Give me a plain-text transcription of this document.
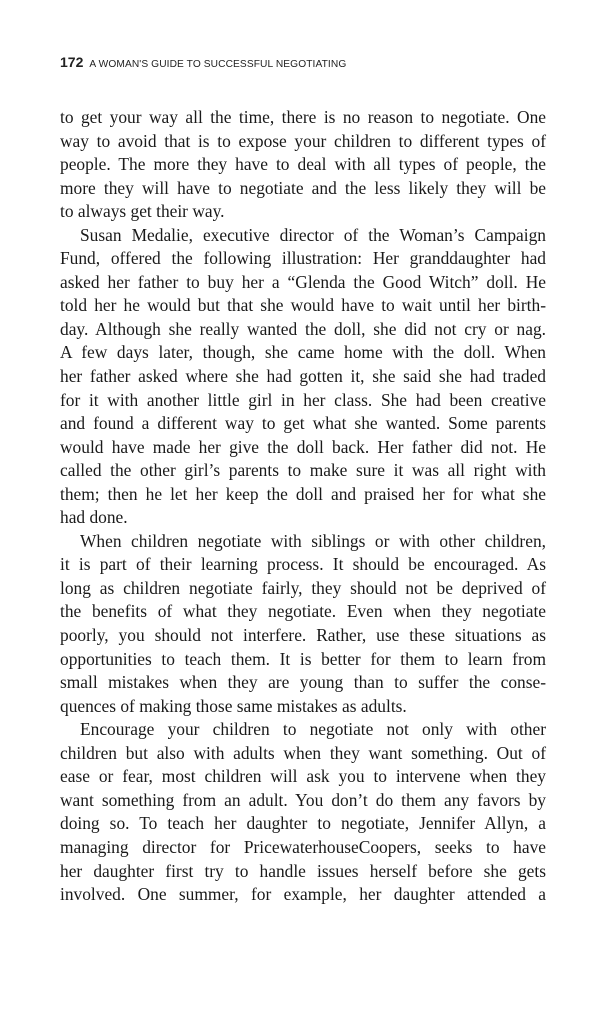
172 A WOMAN'S GUIDE TO SUCCESSFUL NEGOTIATING
to get your way all the time, there is no reason to negotiate. One
way to avoid that is to expose your children to different types of
people. The more they have to deal with all types of people, the
more they will have to negotiate and the less likely they will be
to always get their way.
Susan Medalie, executive director of the Woman’s Campaign
Fund, offered the following illustration: Her granddaughter had
asked her father to buy her a “Glenda the Good Witch” doll. He
told her he would but that she would have to wait until her birth-
day. Although she really wanted the doll, she did not cry or nag.
A few days later, though, she came home with the doll. When
her father asked where she had gotten it, she said she had traded
for it with another little girl in her class. She had been creative
and found a different way to get what she wanted. Some parents
would have made her give the doll back. Her father did not. He
called the other girl’s parents to make sure it was all right with
them; then he let her keep the doll and praised her for what she
had done.
When children negotiate with siblings or with other children,
it is part of their learning process. It should be encouraged. As
long as children negotiate fairly, they should not be deprived of
the benefits of what they negotiate. Even when they negotiate
poorly, you should not interfere. Rather, use these situations as
opportunities to teach them. It is better for them to learn from
small mistakes when they are young than to suffer the conse-
quences of making those same mistakes as adults.
Encourage your children to negotiate not only with other
children but also with adults when they want something. Out of
ease or fear, most children will ask you to intervene when they
want something from an adult. You don’t do them any favors by
doing so. To teach her daughter to negotiate, Jennifer Allyn, a
managing director for PricewaterhouseCoopers, seeks to have
her daughter first try to handle issues herself before she gets
involved. One summer, for example, her daughter attended a
